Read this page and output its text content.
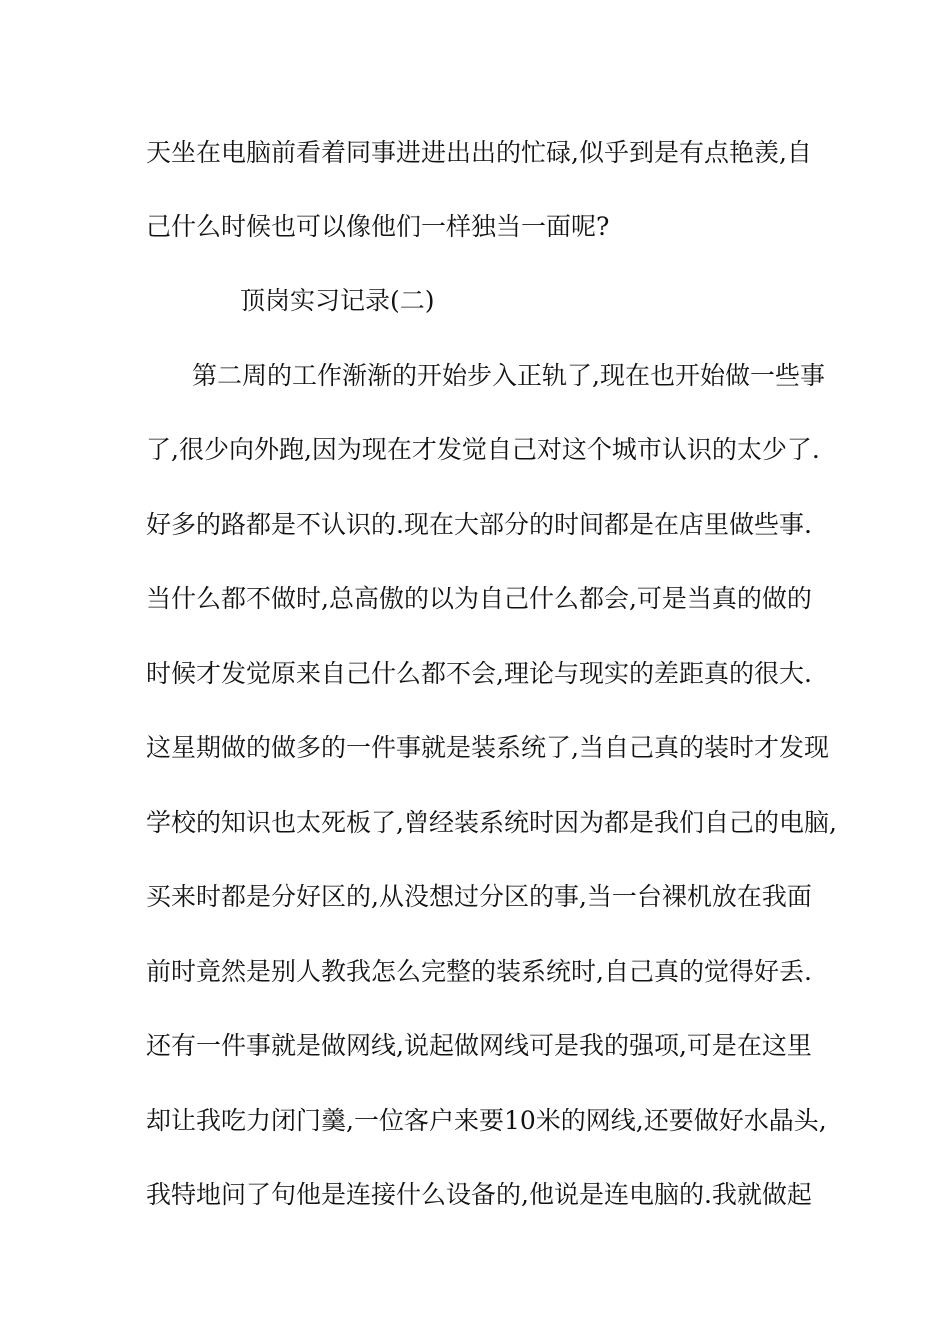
天坐在电脑前看着同事进进出出的忙碌,似乎到是有点艳羡,自
己什么时候也可以像他们一样独当一面呢?
顶岗实习记录(二)
第二周的工作渐渐的开始步入正轨了,现在也开始做一些事
了,很少向外跑,因为现在才发觉自己对这个城市认识的太少了.
好多的路都是不认识的.现在大部分的时间都是在店里做些事.
当什么都不做时,总高傲的以为自己什么都会,可是当真的做的
时候才发觉原来自己什么都不会,理论与现实的差距真的很大.
这星期做的做多的一件事就是装系统了,当自己真的装时才发现
学校的知识也太死板了,曾经装系统时因为都是我们自己的电脑,
买来时都是分好区的,从没想过分区的事,当一台裸机放在我面
前时竟然是别人教我怎么完整的装系统时,自己真的觉得好丢.
还有一件事就是做网线,说起做网线可是我的强项,可是在这里
却让我吃力闭门羹,一位客户来要10米的网线,还要做好水晶头,
我特地问了句他是连接什么设备的,他说是连电脑的.我就做起
